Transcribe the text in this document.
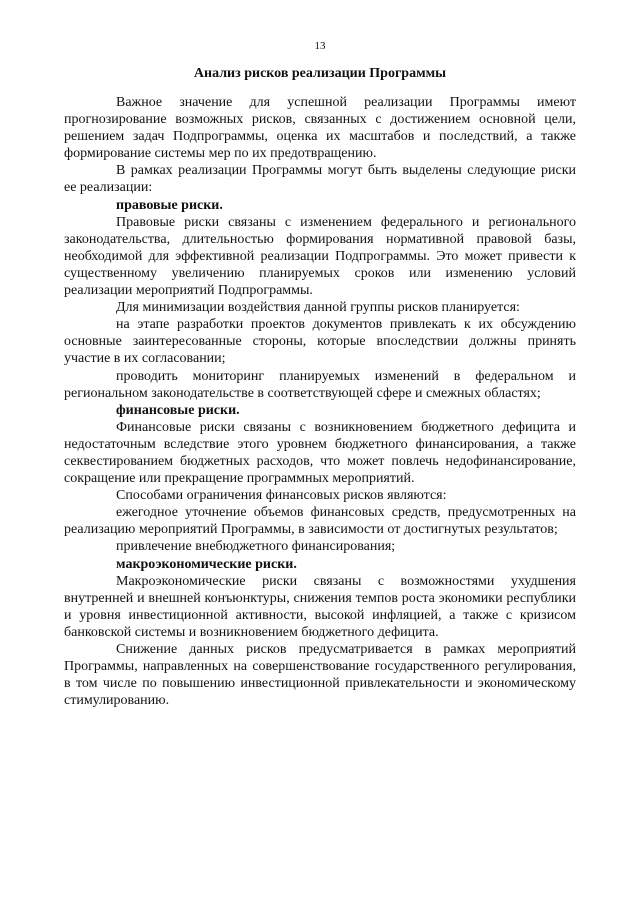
13
Анализ рисков реализации Программы

Важное значение для успешной реализации Программы имеют прогнозирование возможных рисков, связанных с достижением основной цели, решением задач Подпрограммы, оценка их масштабов и последствий, а также формирование системы мер по их предотвращению.

В рамках реализации Программы могут быть выделены следующие риски ее реализации:

правовые риски.

Правовые риски связаны с изменением федерального и регионального законодательства, длительностью формирования нормативной правовой базы, необходимой для эффективной реализации Подпрограммы. Это может привести к существенному увеличению планируемых сроков или изменению условий реализации мероприятий Подпрограммы.

Для минимизации воздействия данной группы рисков планируется:

на этапе разработки проектов документов привлекать к их обсуждению основные заинтересованные стороны, которые впоследствии должны принять участие в их согласовании;

проводить мониторинг планируемых изменений в федеральном и региональном законодательстве в соответствующей сфере и смежных областях;

финансовые риски.

Финансовые риски связаны с возникновением бюджетного дефицита и недостаточным вследствие этого уровнем бюджетного финансирования, а также секвестированием бюджетных расходов, что может повлечь недофинансирование, сокращение или прекращение программных мероприятий.

Способами ограничения финансовых рисков являются:

ежегодное уточнение объемов финансовых средств, предусмотренных на реализацию мероприятий Программы, в зависимости от достигнутых результатов;

привлечение внебюджетного финансирования;

макроэкономические риски.

Макроэкономические риски связаны с возможностями ухудшения внутренней и внешней конъюнктуры, снижения темпов роста экономики республики и уровня инвестиционной активности, высокой инфляцией, а также с кризисом банковской системы и возникновением бюджетного дефицита.

Снижение данных рисков предусматривается в рамках мероприятий Программы, направленных на совершенствование государственного регулирования, в том числе по повышению инвестиционной привлекательности и экономическому стимулированию.
